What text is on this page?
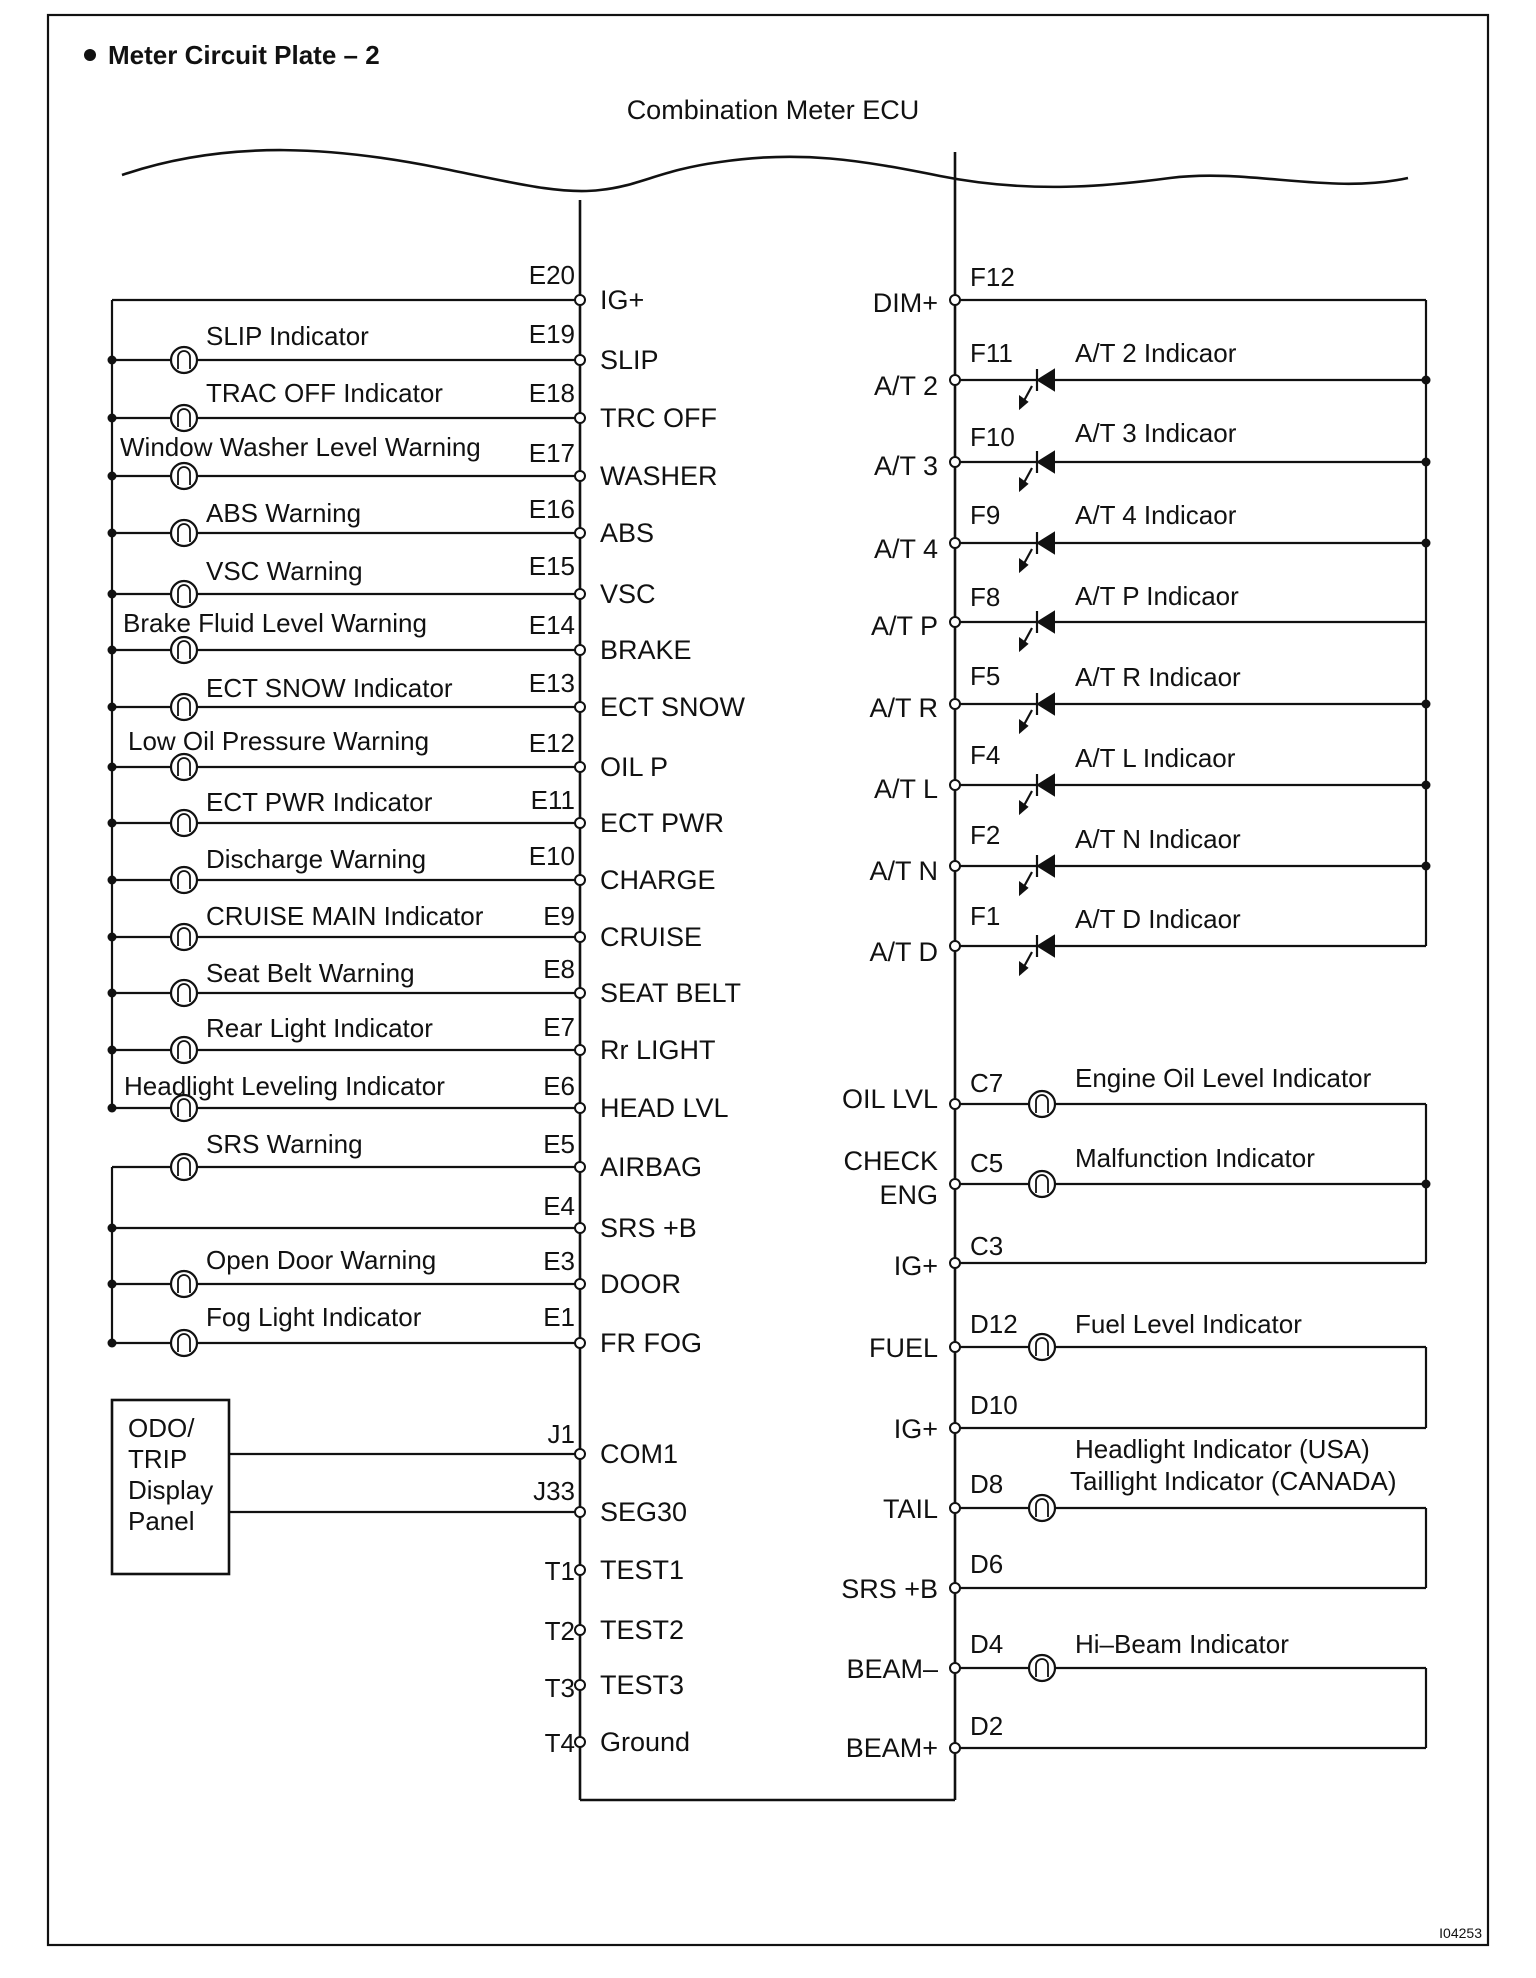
Meter Circuit Plate – 2
Combination Meter ECU
E20
IG+
E19
SLIP
SLIP Indicator
E18
TRC OFF
TRAC OFF Indicator
E17
WASHER
Window Washer Level Warning
E16
ABS
ABS Warning
E15
VSC
VSC Warning
E14
BRAKE
Brake Fluid Level Warning
E13
ECT SNOW
ECT SNOW Indicator
E12
OIL P
Low Oil Pressure Warning
E11
ECT PWR
ECT PWR Indicator
E10
CHARGE
Discharge Warning
E9
CRUISE
CRUISE MAIN Indicator
E8
SEAT BELT
Seat Belt Warning
E7
Rr LIGHT
Rear Light Indicator
E6
HEAD LVL
Headlight Leveling Indicator
E5
AIRBAG
SRS Warning
E4
SRS +B
E3
DOOR
Open Door Warning
E1
FR FOG
Fog Light Indicator
J1
COM1
J33
SEG30
T1 TEST1
T2 TEST2
T3 TEST3
T4 Ground
F12
DIM+
F11
A/T 2
A/T 2 Indicaor
F10
A/T 3
A/T 3 Indicaor
F9
A/T 4
A/T 4 Indicaor
F8
A/T P
A/T P Indicaor
F5
A/T R
A/T R Indicaor
F4
A/T L
A/T L Indicaor
F2
A/T N
A/T N Indicaor
F1
A/T D
A/T D Indicaor
C7
OIL LVL
Engine Oil Level Indicator
C5
CHECK
ENG
Malfunction Indicator
C3
IG+
D12
FUEL
Fuel Level Indicator
D10
IG+
D8
TAIL
Headlight Indicator (USA)
Taillight Indicator (CANADA)
D6
SRS +B
D4
BEAM–
Hi–Beam Indicator
D2
BEAM+
ODO/
TRIP
Display
Panel
I04253
